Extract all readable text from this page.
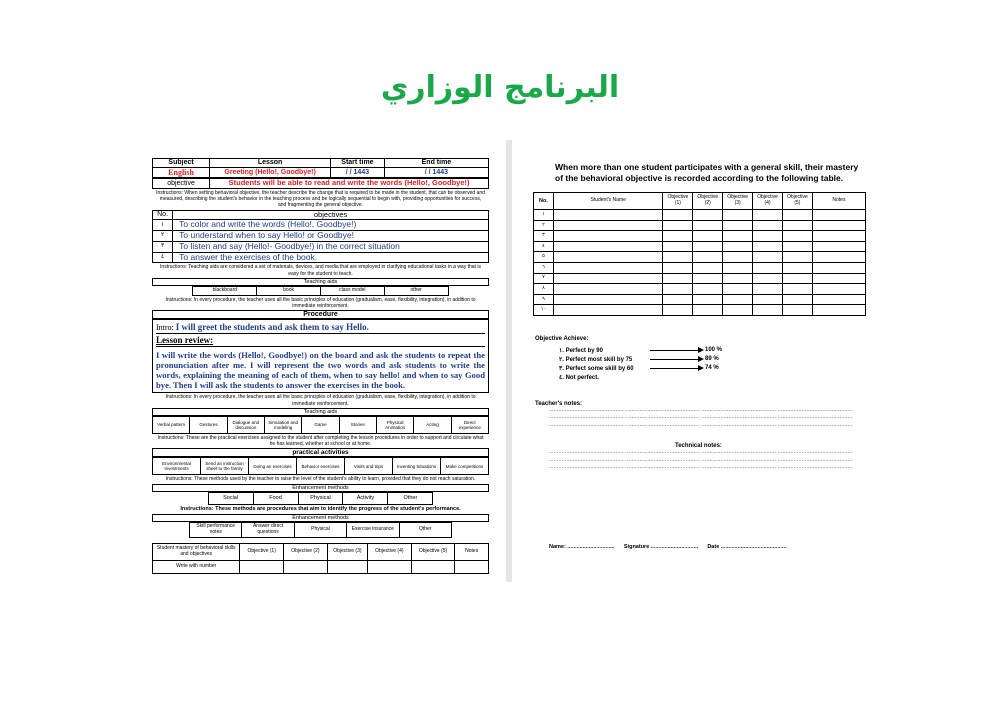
البرنامج الوزاري
Subject	Lesson	Start time	End time
English	Greeting (Hello!, Goodbye!)	/ / 1443	/ / 1443
objective	Students will be able to read and write the words (Hello!, Goodbye!)
Instructions: When setting behavioral objective, the teacher describe the change that is required to be made in the student, that can be observed and measured, describing the student's behavior in the teaching process and be logically sequential to begin with, providing opportunities for success, and fragmenting the general objective.
No.	objectives
١	To color and write the words (Hello!, Goodbye!)
٢	To understand when to say Hello! or Goodbye!
٣	To listen and say (Hello!- Goodbye!) in the correct situation
٤	To answer the exercises of the book.
Instructions: Teaching aids are considered a set of materials, devices, and media that are employed in clarifying educational tasks in a way that is easy for the student to teach.
Teaching aids
blackboard	book	class model	other
Instructions: In every procedure, the teacher uses all the basic principles of education (gradualism, ease, flexibility, integration), in addition to immediate reinforcement.
Procedure
Intro: I will greet the students and ask them to say Hello.
Lesson review:
I will write the words (Hello!, Goodbye!) on the board and ask the students to repeat the pronunciation after me. I will represent the two words and ask students to write the words, explaining the meaning of each of them, when to say hello! and when to say Good bye. Then I will ask the students to answer the exercises in the book.
Instructions: In every procedure, the teacher uses all the basic principles of education (gradualism, ease, flexibility, integration), in addition to immediate reinforcement.
Teaching aids
Verbal pattern	Gestures	Dialogue and discussion	Simulation and modeling	Game	Stories	Physical Animation	Acting	Direct experience
Instructions: These are the practical exercises assigned to the student after completing the lesson procedures in order to support and circulate what he has learned, whether at school or at home.
practical activities
Environmental Investments	Send an instruction sheet to the family	Doing an exercises	Behavior exercises	Visits and trips	Inventing Situations	Make competitions
Instructions: These methods used by the teacher to raise the level of the student's ability to learn, provided that they do not reach saturation.
Enhancement methods
Social	Food	Physical	Activity	Other
Instructions: These methods are procedures that aim to identify the progress of the student's performance.
Enhancement methods
Skill performance notes	Answer direct questions	Physical	Exercise insurance	Other
Student mastery of behavioral skills and objectives	Objective (1)	Objective (2)	Objective (3)	Objective (4)	Objective (5)	Notes
Write with number						
When more than one student participates with a general skill, their mastery of the behavioral objective is recorded according to the following table.
No.	Student's Name	Objective (1)	Objective (2)	Objective (3)	Objective (4)	Objective (5)	Notes
١							
٢							
٣							
٤							
٥							
٦							
٧							
٨							
٩							
١٠							
Objective Achieve:
١. Perfect by 90	100 %
٢. Perfect most skill by 75	89 %
٣. Perfect some skill by 60	74 %
٤. Not perfect.
Teacher's notes:
............................................... ............................................... ............................................... ...............................................
............................................... ............................................... ............................................... ...............................................
............................................... ............................................... ............................................... ...............................................
Technical notes:
............................................... ............................................... ............................................... ...............................................
............................................... ............................................... ............................................... ...............................................
............................................... ............................................... ............................................... ...............................................
Name: ............................... Signature ............................... Date ...........................................
